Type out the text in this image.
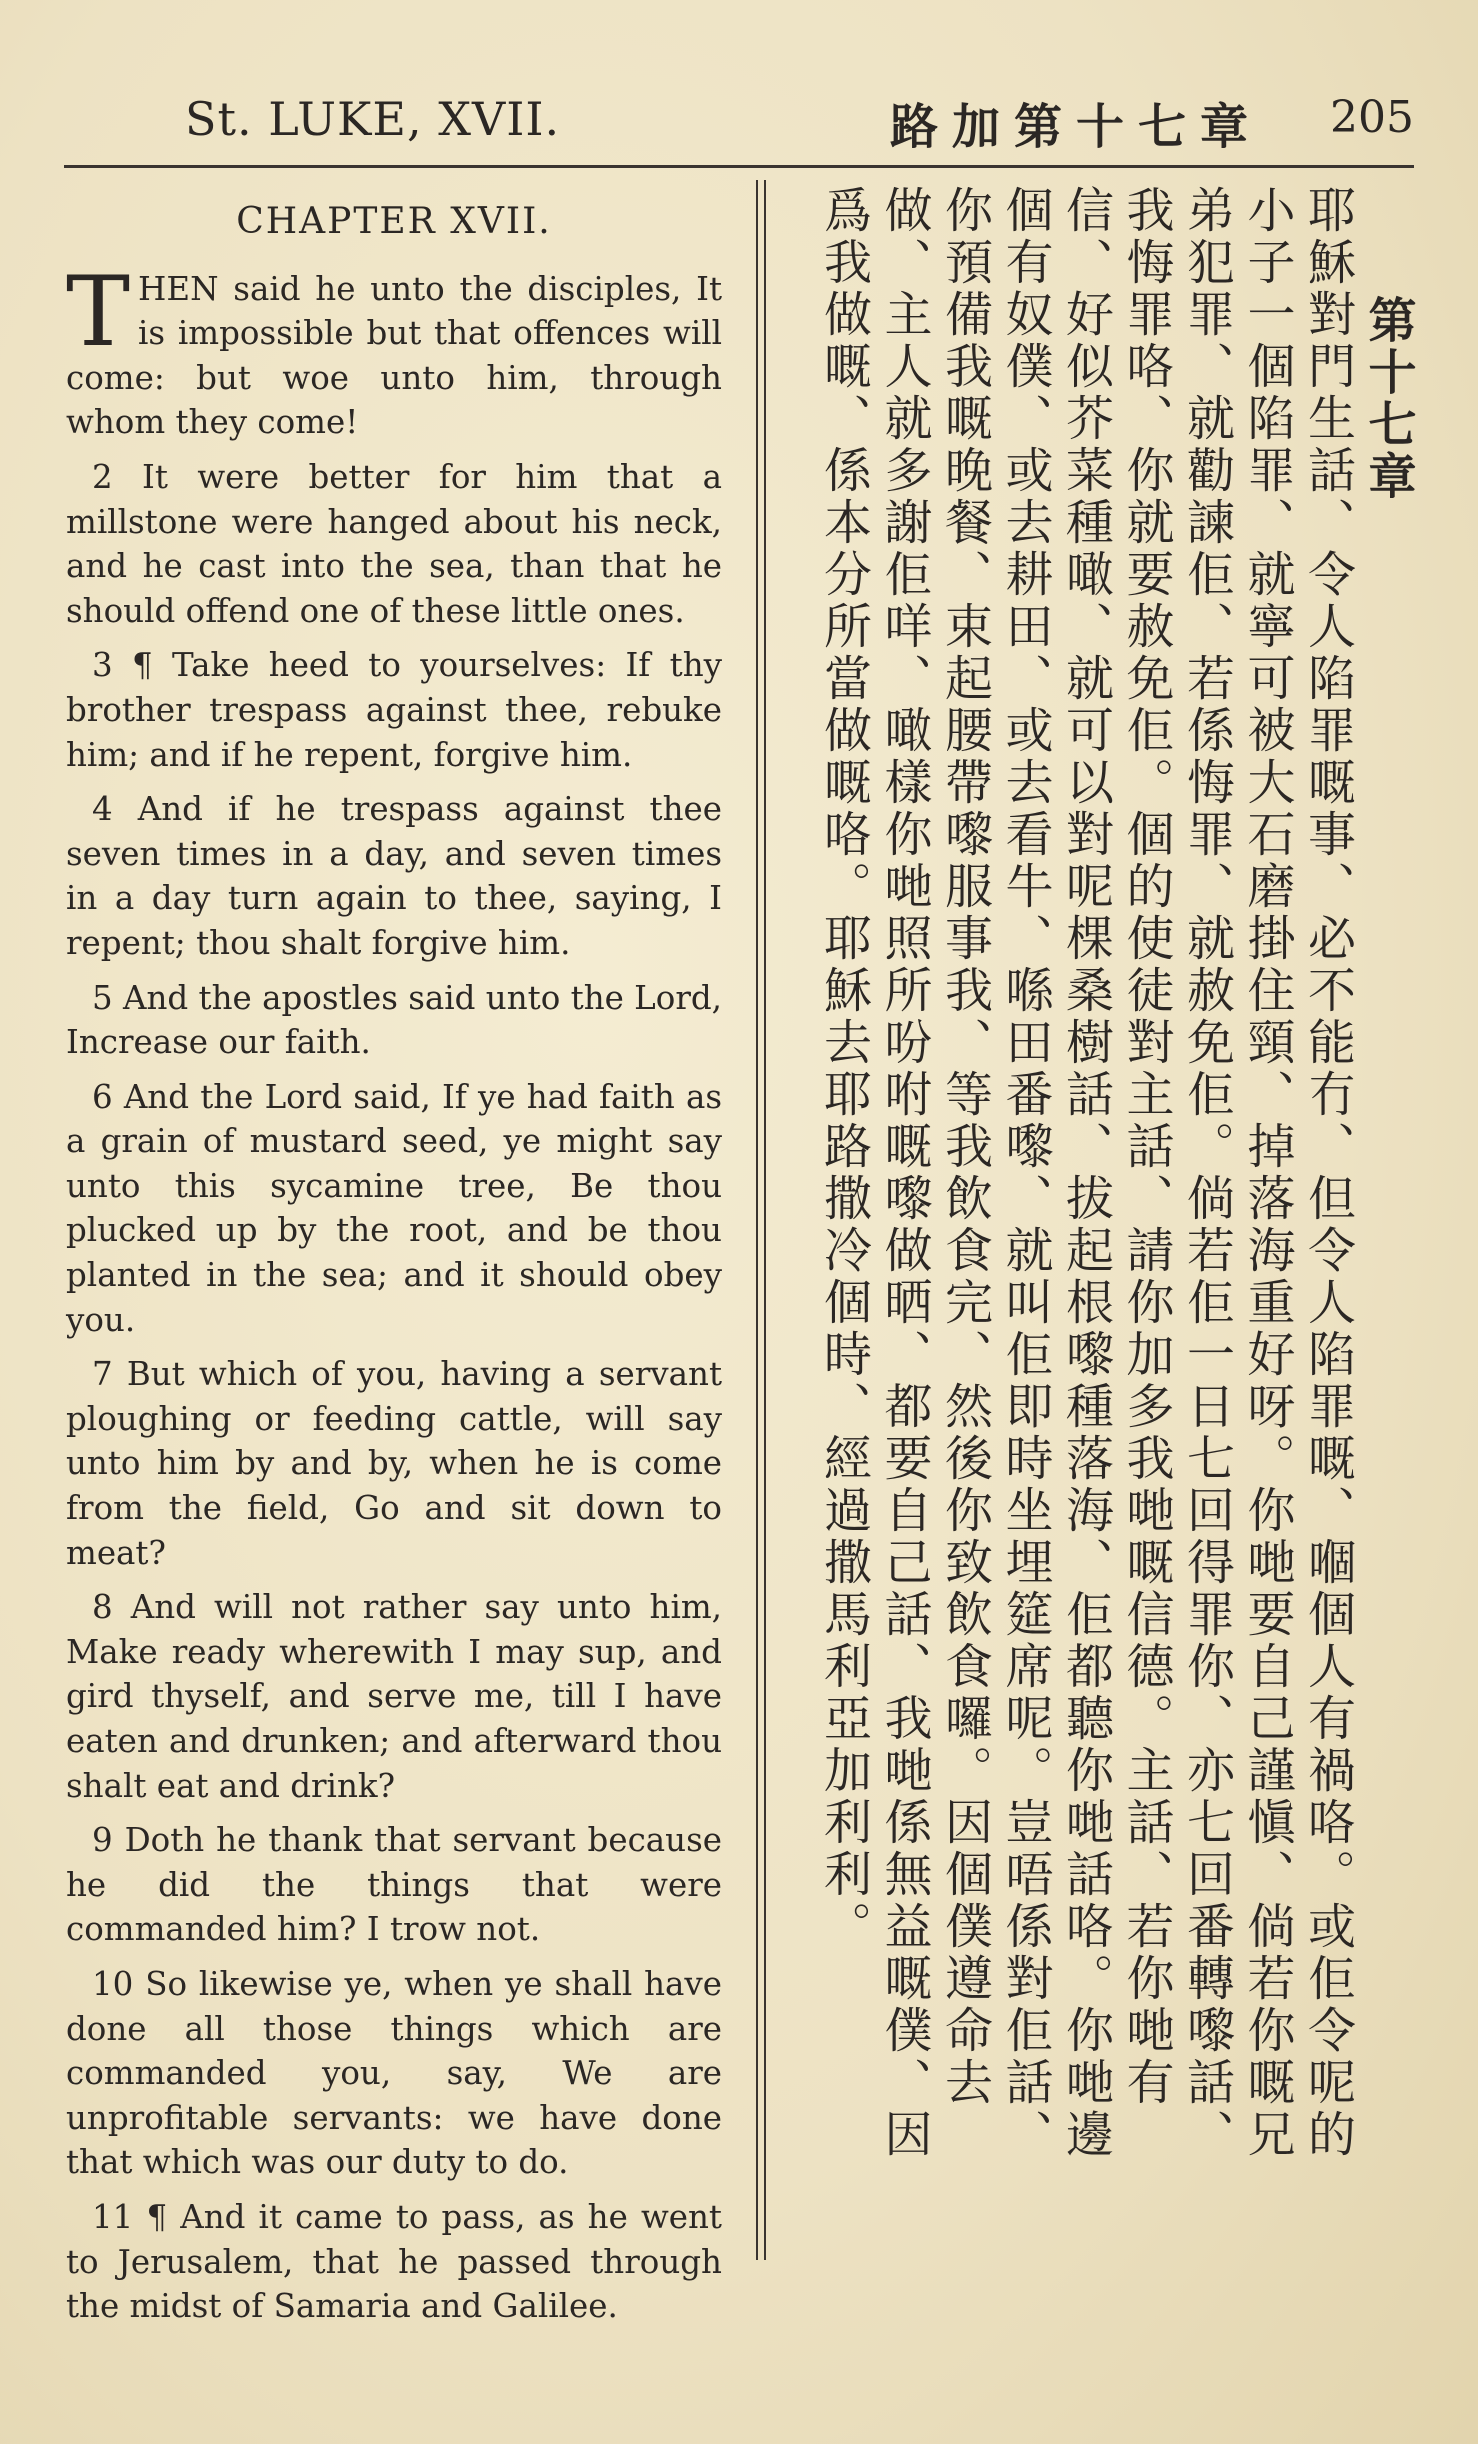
St. LUKE, XVII.	路加第十七章 205
CHAPTER XVII.

THEN said he unto the disciples, It is impossible but that offences will come: but woe unto him, through whom they come!

2 It were better for him that a millstone were hanged about his neck, and he cast into the sea, than that he should offend one of these little ones.

3 ¶ Take heed to yourselves: If thy brother trespass against thee, rebuke him; and if he repent, forgive him.

4 And if he trespass against thee seven times in a day, and seven times in a day turn again to thee, saying, I repent; thou shalt forgive him.

5 And the apostles said unto the Lord, Increase our faith.

6 And the Lord said, If ye had faith as a grain of mustard seed, ye might say unto this sycamine tree, Be thou plucked up by the root, and be thou planted in the sea; and it should obey you.

7 But which of you, having a servant ploughing or feeding cattle, will say unto him by and by, when he is come from the field, Go and sit down to meat?

8 And will not rather say unto him, Make ready wherewith I may sup, and gird thyself, and serve me, till I have eaten and drunken; and afterward thou shalt eat and drink?

9 Doth he thank that servant because he did the things that were commanded him? I trow not.

10 So likewise ye, when ye shall have done all those things which are commanded you, say, We are unprofitable servants: we have done that which was our duty to do.

11 ¶ And it came to pass, as he went to Jerusalem, that he passed through the midst of Samaria and Galilee.

第十七章
耶穌對門生話、令人陷罪嘅事、必不能冇、但令人陷罪嘅、嗰個人有禍咯。或佢令呢的小子一個陷罪、就寧可被大石磨掛住頸、掉落海重好呀。你哋要自己謹愼、倘若你嘅兄弟犯罪、就勸諫佢、若係悔罪、就赦免佢。倘若佢一日七回得罪你、亦七回番轉嚟話、我悔罪咯、你就要赦免佢。個的使徒對主話、請你加多我哋嘅信德。主話、若你哋有信、好似芥菜種噉、就可以對呢棵桑樹話、拔起根嚟種落海、佢都聽你哋話咯。你哋邊個有奴僕、或去耕田、或去看牛、喺田番嚟、就叫佢即時坐埋筵席呢。豈唔係對佢話、你預備我嘅晚餐、束起腰帶嚟服事我、等我飲食完、然後你致飲食囉。因個僕遵命去做、主人就多謝佢咩、噉樣你哋照所吩咐嘅嚟做晒、都要自己話、我哋係無益嘅僕、因爲我做嘅、係本分所當做嘅咯。耶穌去耶路撒冷個時、經過撒馬利亞加利利。
